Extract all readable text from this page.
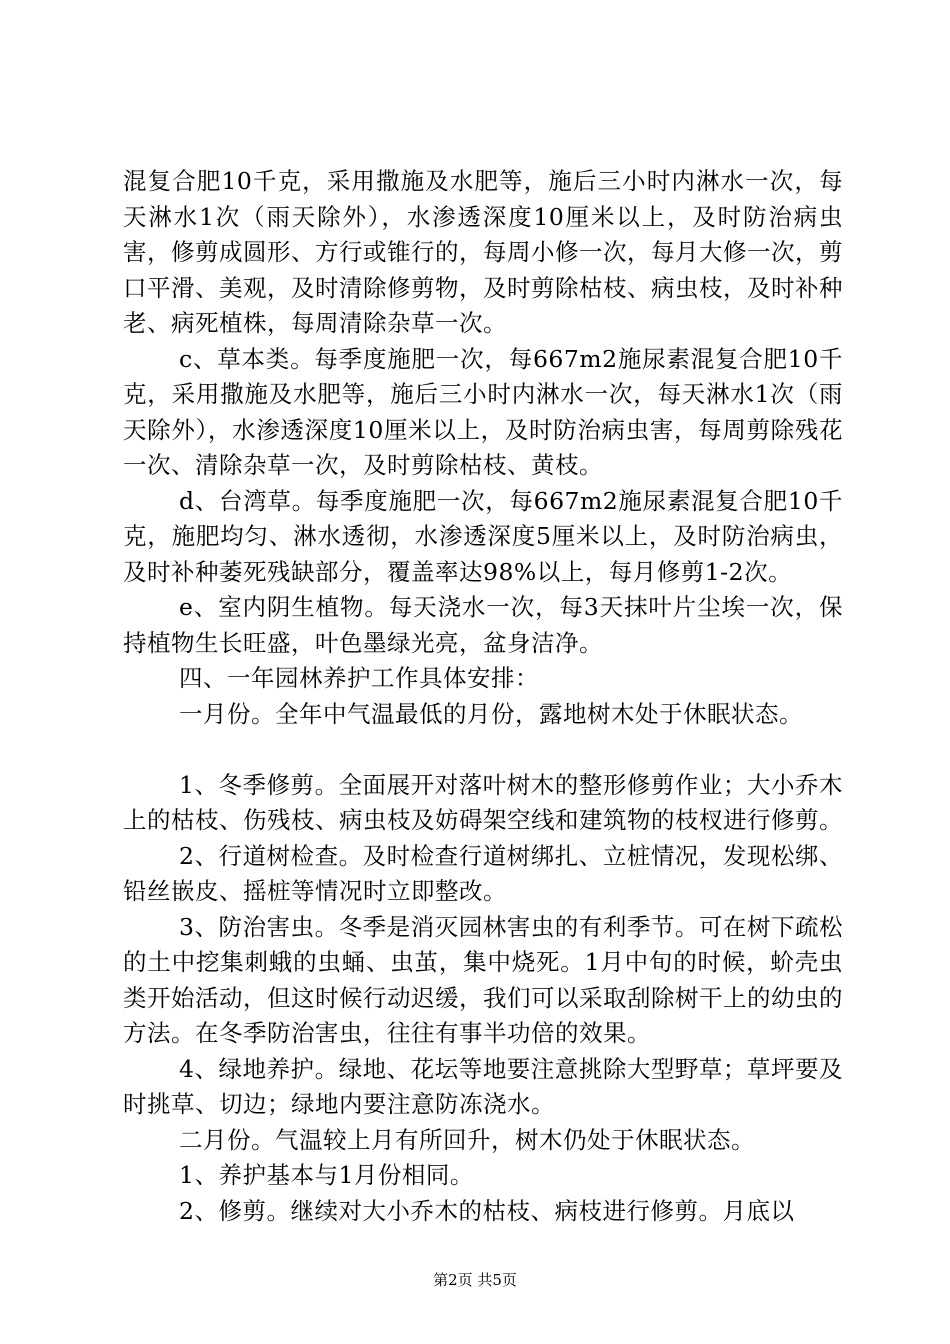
混复合肥10千克，采用撒施及水肥等，施后三小时内淋水一次，每天淋水1次（雨天除外），水渗透深度10厘米以上，及时防治病虫害，修剪成圆形、方行或锥行的，每周小修一次，每月大修一次，剪口平滑、美观，及时清除修剪物，及时剪除枯枝、病虫枝，及时补种老、病死植株，每周清除杂草一次。

c、草本类。每季度施肥一次，每667m2施尿素混复合肥10千克，采用撒施及水肥等，施后三小时内淋水一次，每天淋水1次（雨天除外），水渗透深度10厘米以上，及时防治病虫害，每周剪除残花一次、清除杂草一次，及时剪除枯枝、黄枝。

d、台湾草。每季度施肥一次，每667m2施尿素混复合肥10千克，施肥均匀、淋水透彻，水渗透深度5厘米以上，及时防治病虫，及时补种萎死残缺部分，覆盖率达98%以上，每月修剪1-2次。

e、室内阴生植物。每天浇水一次，每3天抹叶片尘埃一次，保持植物生长旺盛，叶色墨绿光亮，盆身洁净。

四、一年园林养护工作具体安排：

一月份。全年中气温最低的月份，露地树木处于休眠状态。

1、冬季修剪。全面展开对落叶树木的整形修剪作业；大小乔木上的枯枝、伤残枝、病虫枝及妨碍架空线和建筑物的枝杈进行修剪。

2、行道树检查。及时检查行道树绑扎、立桩情况，发现松绑、铅丝嵌皮、摇桩等情况时立即整改。

3、防治害虫。冬季是消灭园林害虫的有利季节。可在树下疏松的土中挖集刺蛾的虫蛹、虫茧，集中烧死。1月中旬的时候，蚧壳虫类开始活动，但这时候行动迟缓，我们可以采取刮除树干上的幼虫的方法。在冬季防治害虫，往往有事半功倍的效果。

4、绿地养护。绿地、花坛等地要注意挑除大型野草；草坪要及时挑草、切边；绿地内要注意防冻浇水。

二月份。气温较上月有所回升，树木仍处于休眠状态。

1、养护基本与1月份相同。

2、修剪。继续对大小乔木的枯枝、病枝进行修剪。月底以

第2页 共5页
